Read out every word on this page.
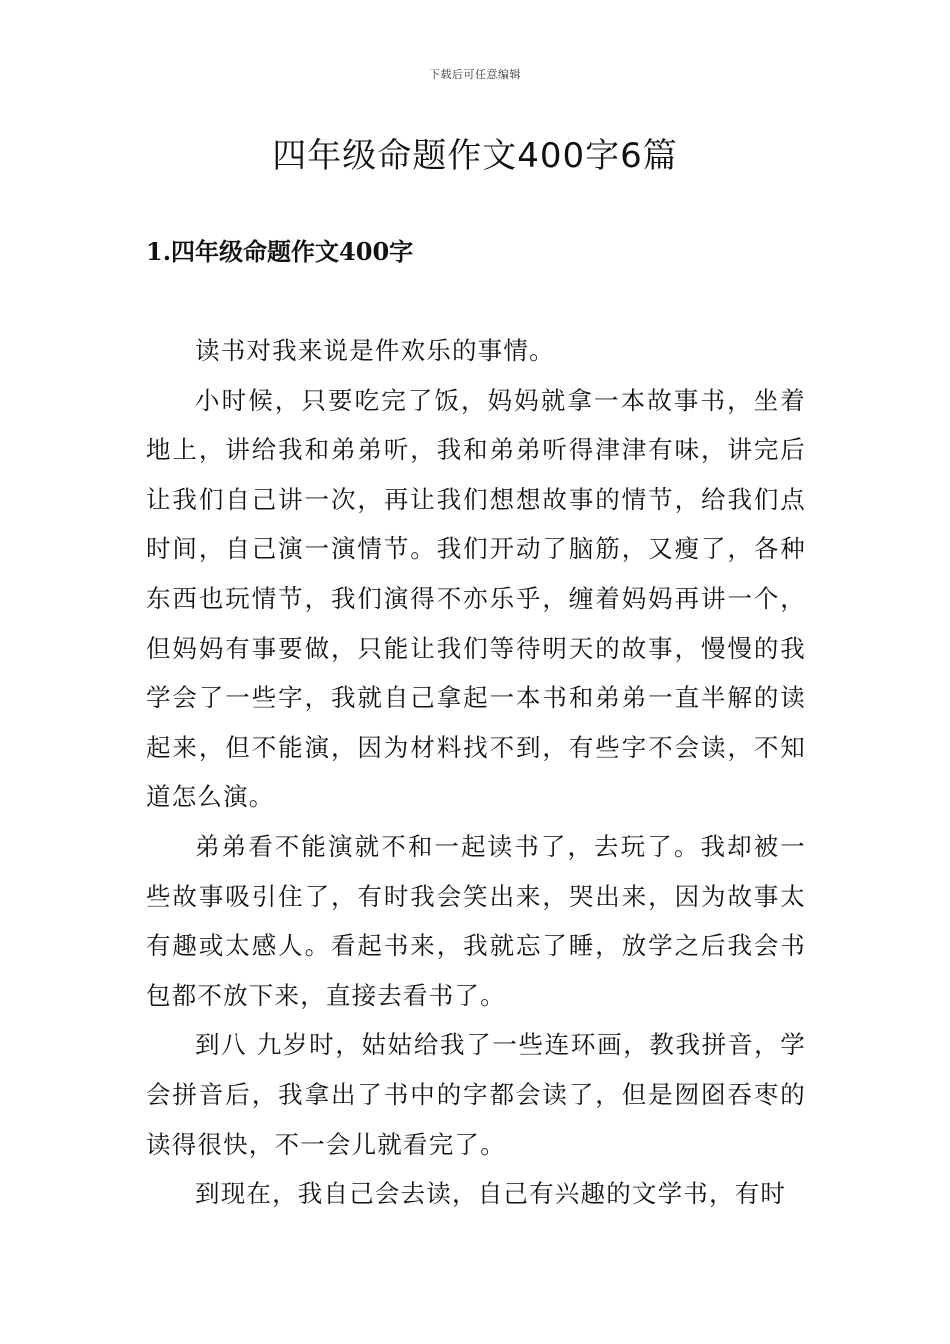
下载后可任意编辑
四年级命题作文400字6篇
1.四年级命题作文400字

读书对我来说是件欢乐的事情。

小时候，只要吃完了饭，妈妈就拿一本故事书，坐着地上，讲给我和弟弟听，我和弟弟听得津津有味，讲完后让我们自己讲一次，再让我们想想故事的情节，给我们点时间，自己演一演情节。我们开动了脑筋，又瘦了，各种东西也玩情节，我们演得不亦乐乎，缠着妈妈再讲一个，但妈妈有事要做，只能让我们等待明天的故事，慢慢的我学会了一些字，我就自己拿起一本书和弟弟一直半解的读起来，但不能演，因为材料找不到，有些字不会读，不知道怎么演。

弟弟看不能演就不和一起读书了，去玩了。我却被一些故事吸引住了，有时我会笑出来，哭出来，因为故事太有趣或太感人。看起书来，我就忘了睡，放学之后我会书包都不放下来，直接去看书了。

到八 九岁时，姑姑给我了一些连环画，教我拼音，学会拼音后，我拿出了书中的字都会读了，但是囫囵吞枣的读得很快，不一会儿就看完了。

到现在，我自己会去读，自己有兴趣的文学书，有时
